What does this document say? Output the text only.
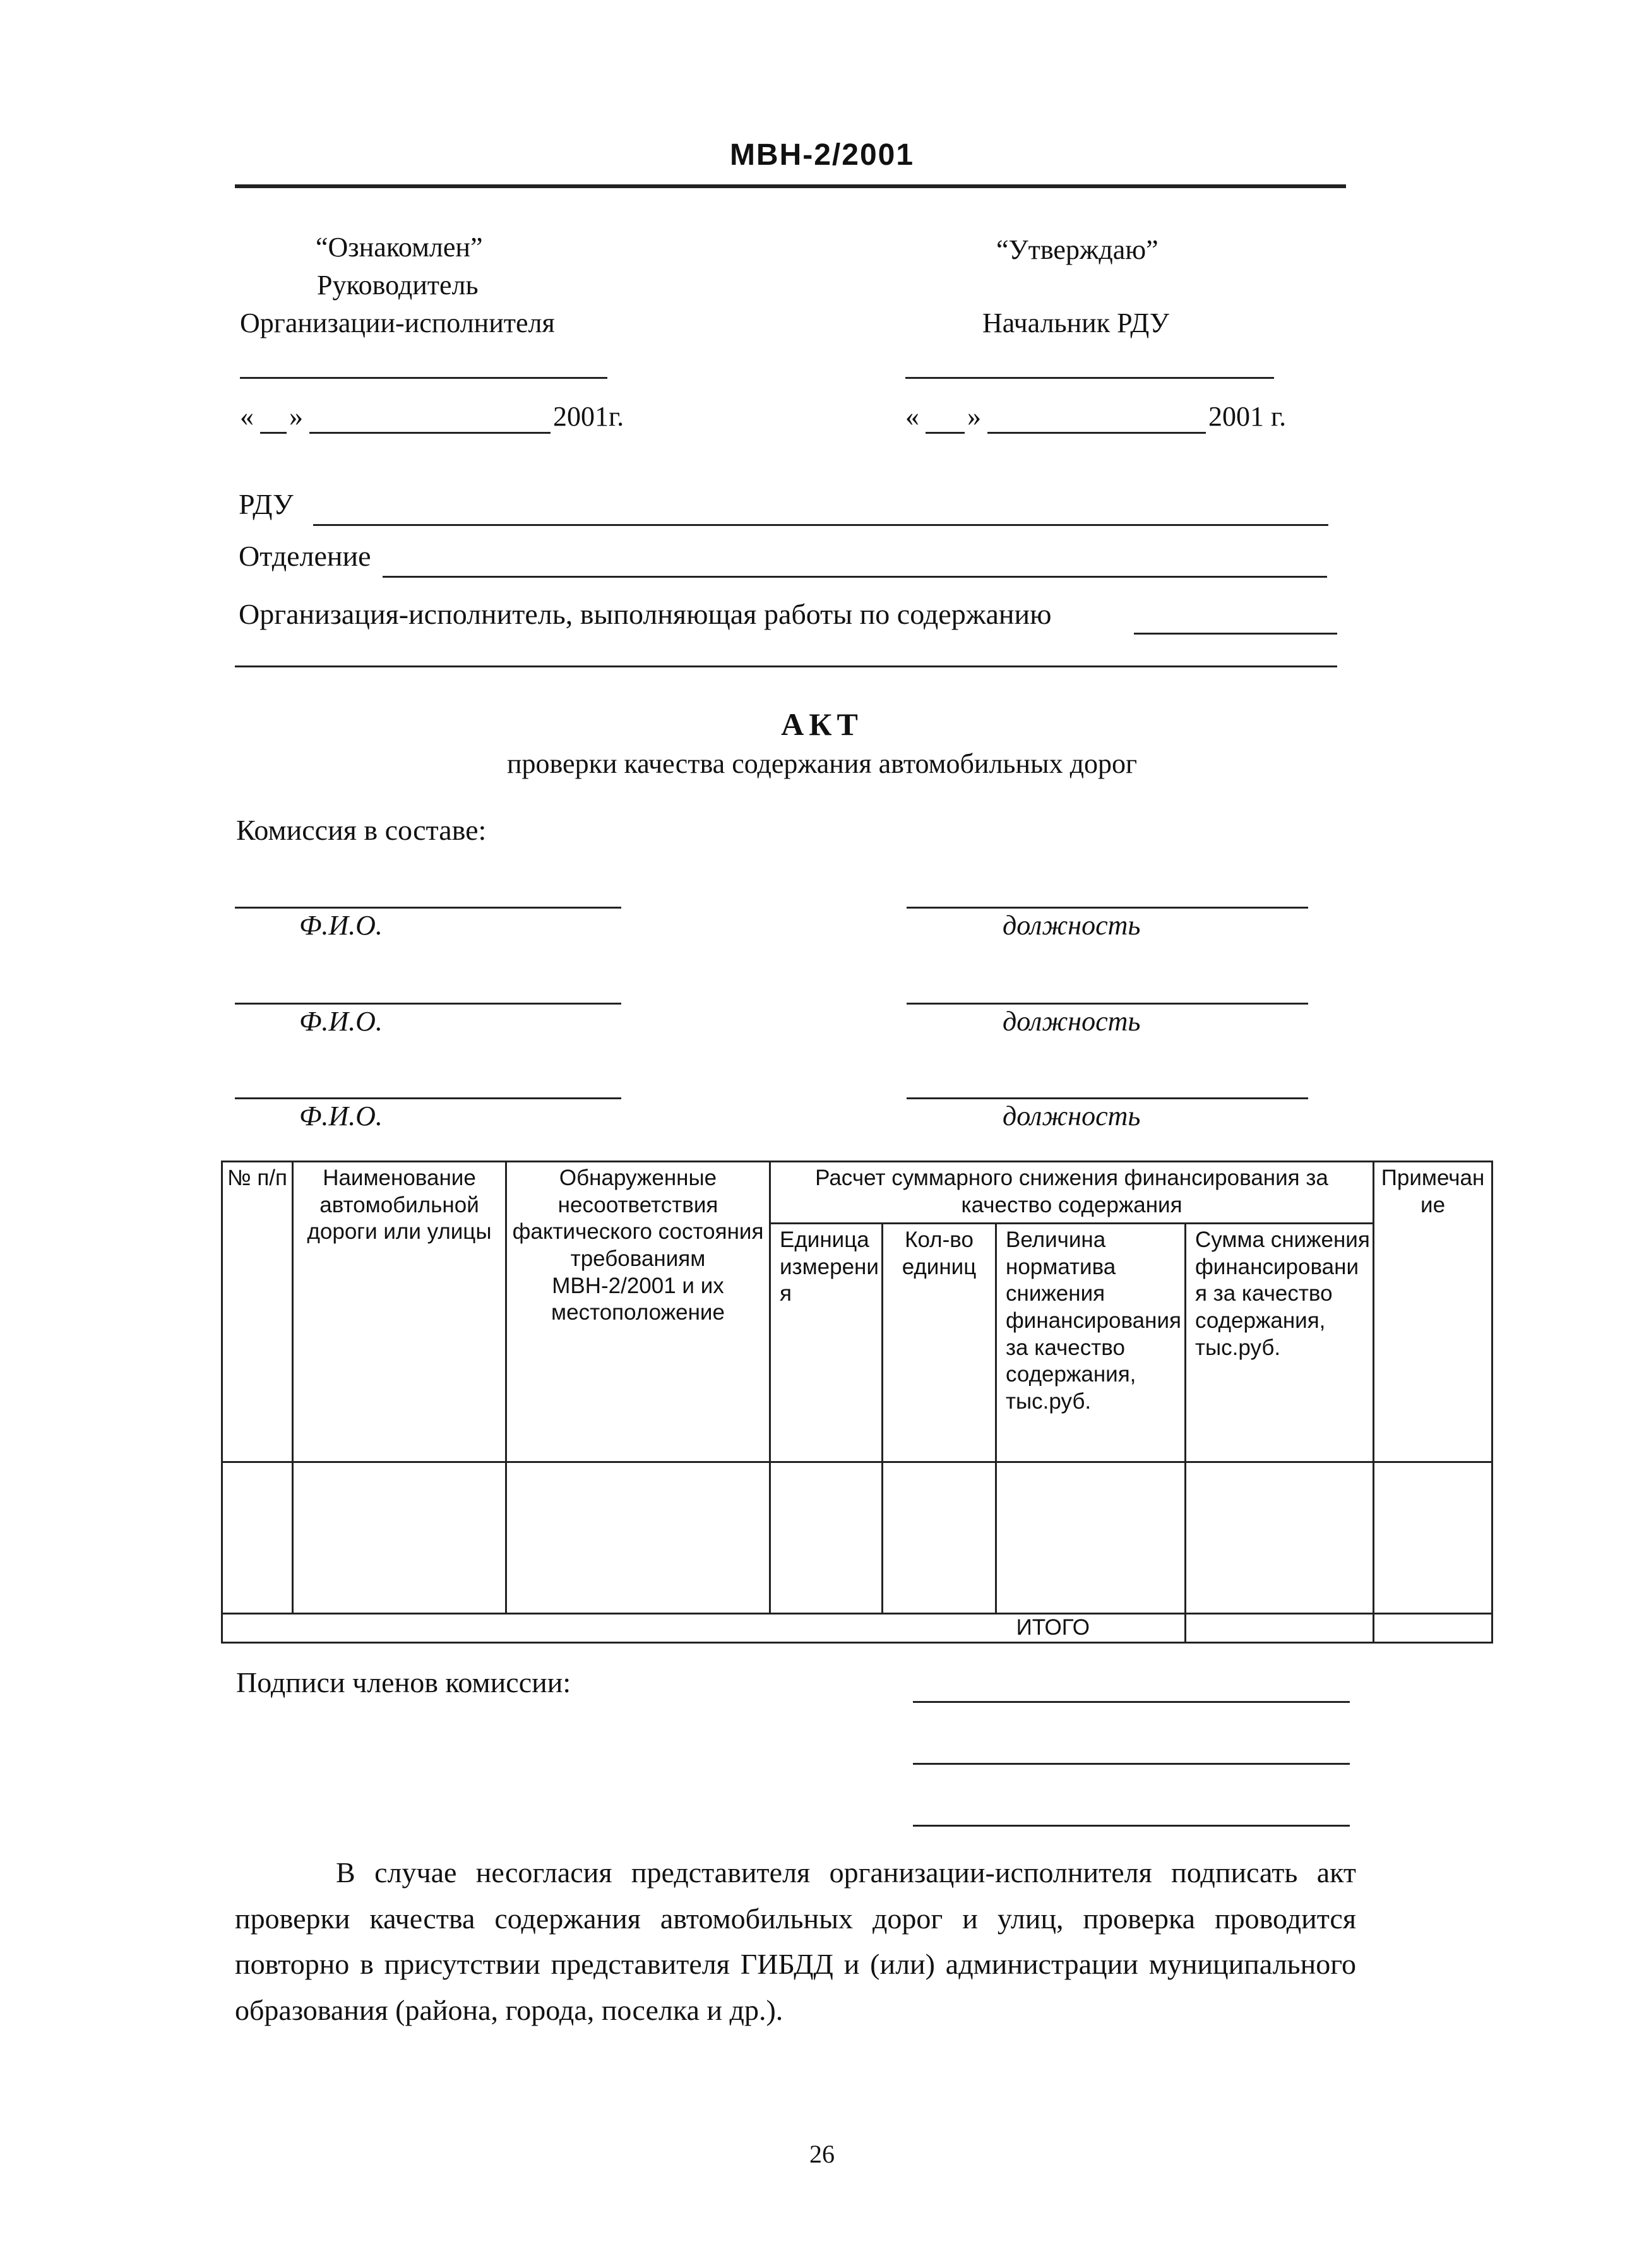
МВН-2/2001
“Ознакомлен”
Руководитель
Организации-исполнителя
« »	2001г.
“Утверждаю”
Начальник РДУ
« »	2001 г.
РДУ
Отделение
Организация-исполнитель, выполняющая работы по содержанию
АКТ
проверки качества содержания автомобильных дорог
Комиссия в составе:
Ф.И.О.	должность
Ф.И.О.	должность
Ф.И.О.	должность
№ п/п	Наименование автомобильной дороги или улицы	Обнаруженные несоответствия фактического состояния требованиям МВН-2/2001 и их местоположение	Расчет суммарного снижения финансирования за качество содержания				Примечание
			Единица измерения	Кол-во единиц	Величина норматива снижения финансирования за качество содержания, тыс.руб.	Сумма снижения финансирования за качество содержания, тыс.руб.	

ИТОГО							
Подписи членов комиссии:
В случае несогласия представителя организации-исполнителя подписать акт проверки качества содержания автомобильных дорог и улиц, проверка проводится повторно в присутствии представителя ГИБДД и (или) администрации муниципального образования (района, города, поселка и др.).
26
